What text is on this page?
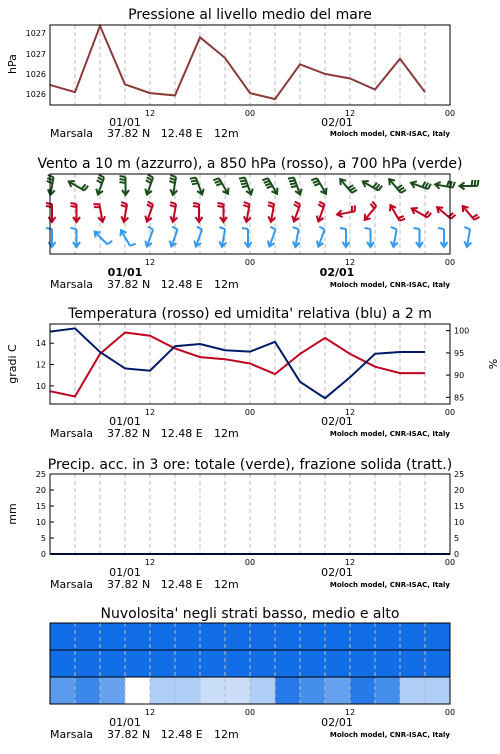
Pressione al livello medio del mare
hPa
1027
1027
1026
1026
12	00	12	00
01/01	02/01
Marsala 37.82 N   12.48 E 12m	Moloch model, CNR-ISAC, Italy
Vento a 10 m (azzurro), a 850 hPa (rosso), a 700 hPa (verde)
12	00	12	00
01/01	02/01
Marsala 37.82 N   12.48 E 12m	Moloch model, CNR-ISAC, Italy
Temperatura (rosso) ed umidita' relativa (blu) a 2 m
gradi C	%
10
12
14
85
90
95
100
12	00	12	00
01/01	02/01
Marsala 37.82 N   12.48 E 12m	Moloch model, CNR-ISAC, Italy
Precip. acc. in 3 ore: totale (verde), frazione solida (tratt.)
mm
0
5
10
15
20
25
0
5
10
15
20
25
12	00	12	00
01/01	02/01
Marsala 37.82 N   12.48 E 12m	Moloch model, CNR-ISAC, Italy
Nuvolosita' negli strati basso, medio e alto
12	00	12	00
01/01	02/01
Marsala 37.82 N   12.48 E 12m	Moloch model, CNR-ISAC, Italy
